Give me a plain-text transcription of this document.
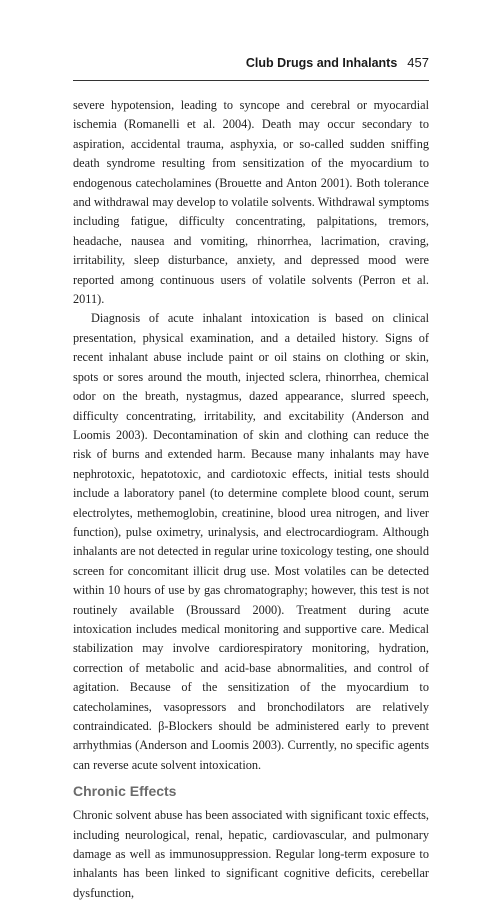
Club Drugs and Inhalants 457

severe hypotension, leading to syncope and cerebral or myocardial ischemia (Romanelli et al. 2004). Death may occur secondary to aspiration, accidental trauma, asphyxia, or so-called sudden sniffing death syndrome resulting from sensitization of the myocardium to endogenous catecholamines (Brouette and Anton 2001). Both tolerance and withdrawal may develop to volatile solvents. Withdrawal symptoms including fatigue, difficulty concentrating, palpitations, tremors, headache, nausea and vomiting, rhinorrhea, lacrimation, craving, irritability, sleep disturbance, anxiety, and depressed mood were reported among continuous users of volatile solvents (Perron et al. 2011).

Diagnosis of acute inhalant intoxication is based on clinical presentation, physical examination, and a detailed history. Signs of recent inhalant abuse include paint or oil stains on clothing or skin, spots or sores around the mouth, injected sclera, rhinorrhea, chemical odor on the breath, nystagmus, dazed appearance, slurred speech, difficulty concentrating, irritability, and excitability (Anderson and Loomis 2003). Decontamination of skin and clothing can reduce the risk of burns and extended harm. Because many inhalants may have nephrotoxic, hepatotoxic, and cardiotoxic effects, initial tests should include a laboratory panel (to determine complete blood count, serum electrolytes, methemoglobin, creatinine, blood urea nitrogen, and liver function), pulse oximetry, urinalysis, and electrocardiogram. Although inhalants are not detected in regular urine toxicology testing, one should screen for concomitant illicit drug use. Most volatiles can be detected within 10 hours of use by gas chromatography; however, this test is not routinely available (Broussard 2000). Treatment during acute intoxication includes medical monitoring and supportive care. Medical stabilization may involve cardiorespiratory monitoring, hydration, correction of metabolic and acid-base abnormalities, and control of agitation. Because of the sensitization of the myocardium to catecholamines, vasopressors and bronchodilators are relatively contraindicated. β-Blockers should be administered early to prevent arrhythmias (Anderson and Loomis 2003). Currently, no specific agents can reverse acute solvent intoxication.

Chronic Effects

Chronic solvent abuse has been associated with significant toxic effects, including neurological, renal, hepatic, cardiovascular, and pulmonary damage as well as immunosuppression. Regular long-term exposure to inhalants has been linked to significant cognitive deficits, cerebellar dysfunction,
